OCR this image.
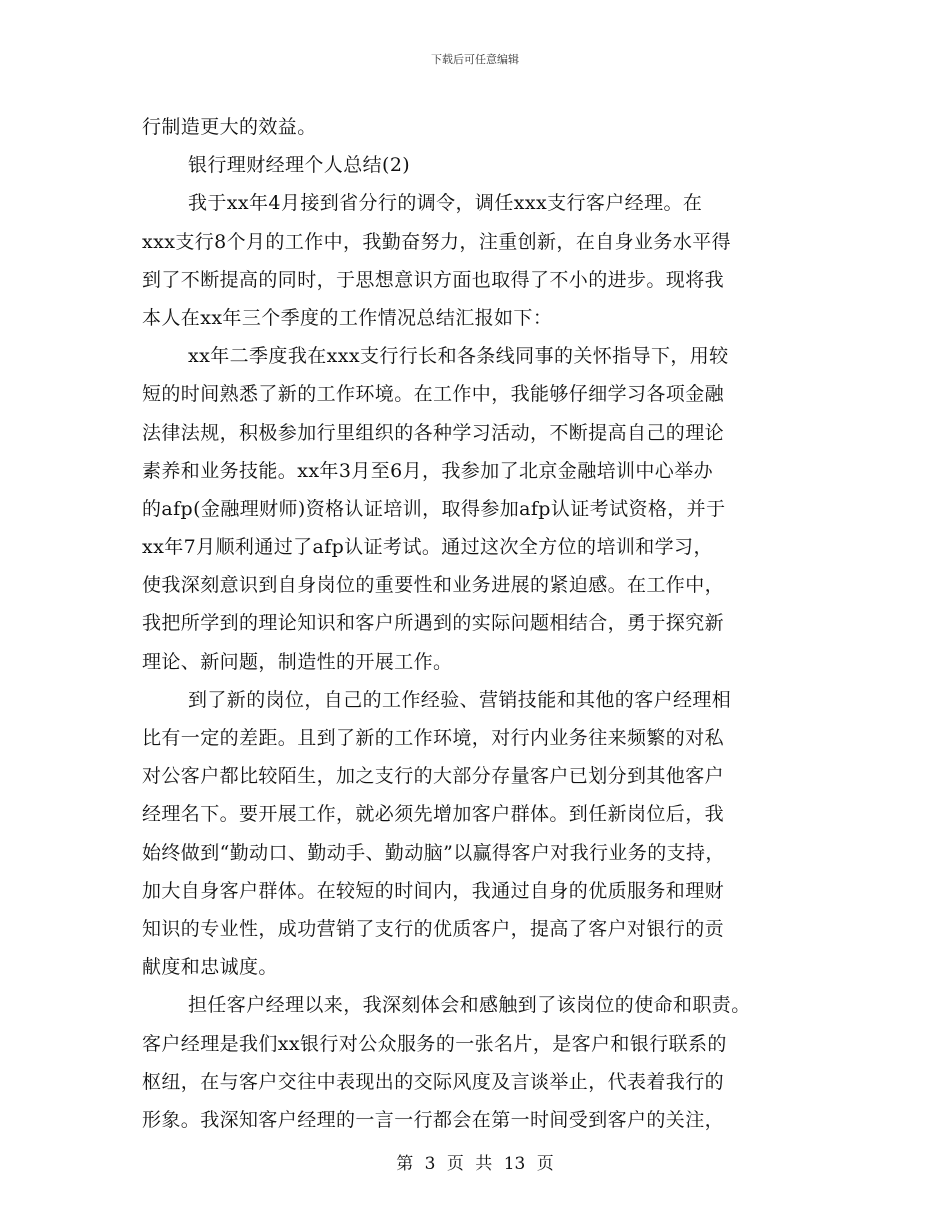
下载后可任意编辑
行制造更大的效益。
银行理财经理个人总结(2)
我于xx年4月接到省分行的调令，调任xxx支行客户经理。在
xxx支行8个月的工作中，我勤奋努力，注重创新，在自身业务水平得
到了不断提高的同时，于思想意识方面也取得了不小的进步。现将我
本人在xx年三个季度的工作情况总结汇报如下：
xx年二季度我在xxx支行行长和各条线同事的关怀指导下，用较
短的时间熟悉了新的工作环境。在工作中，我能够仔细学习各项金融
法律法规，积极参加行里组织的各种学习活动，不断提高自己的理论
素养和业务技能。xx年3月至6月，我参加了北京金融培训中心举办
的afp(金融理财师)资格认证培训，取得参加afp认证考试资格，并于
xx年7月顺利通过了afp认证考试。通过这次全方位的培训和学习，
使我深刻意识到自身岗位的重要性和业务进展的紧迫感。在工作中，
我把所学到的理论知识和客户所遇到的实际问题相结合，勇于探究新
理论、新问题，制造性的开展工作。
到了新的岗位，自己的工作经验、营销技能和其他的客户经理相
比有一定的差距。且到了新的工作环境，对行内业务往来频繁的对私
对公客户都比较陌生，加之支行的大部分存量客户已划分到其他客户
经理名下。要开展工作，就必须先增加客户群体。到任新岗位后，我
始终做到“勤动口、勤动手、勤动脑”以赢得客户对我行业务的支持，
加大自身客户群体。在较短的时间内，我通过自身的优质服务和理财
知识的专业性，成功营销了支行的优质客户，提高了客户对银行的贡
献度和忠诚度。
担任客户经理以来，我深刻体会和感触到了该岗位的使命和职责。
客户经理是我们xx银行对公众服务的一张名片，是客户和银行联系的
枢纽，在与客户交往中表现出的交际风度及言谈举止，代表着我行的
形象。我深知客户经理的一言一行都会在第一时间受到客户的关注，
第 3 页 共 13 页
